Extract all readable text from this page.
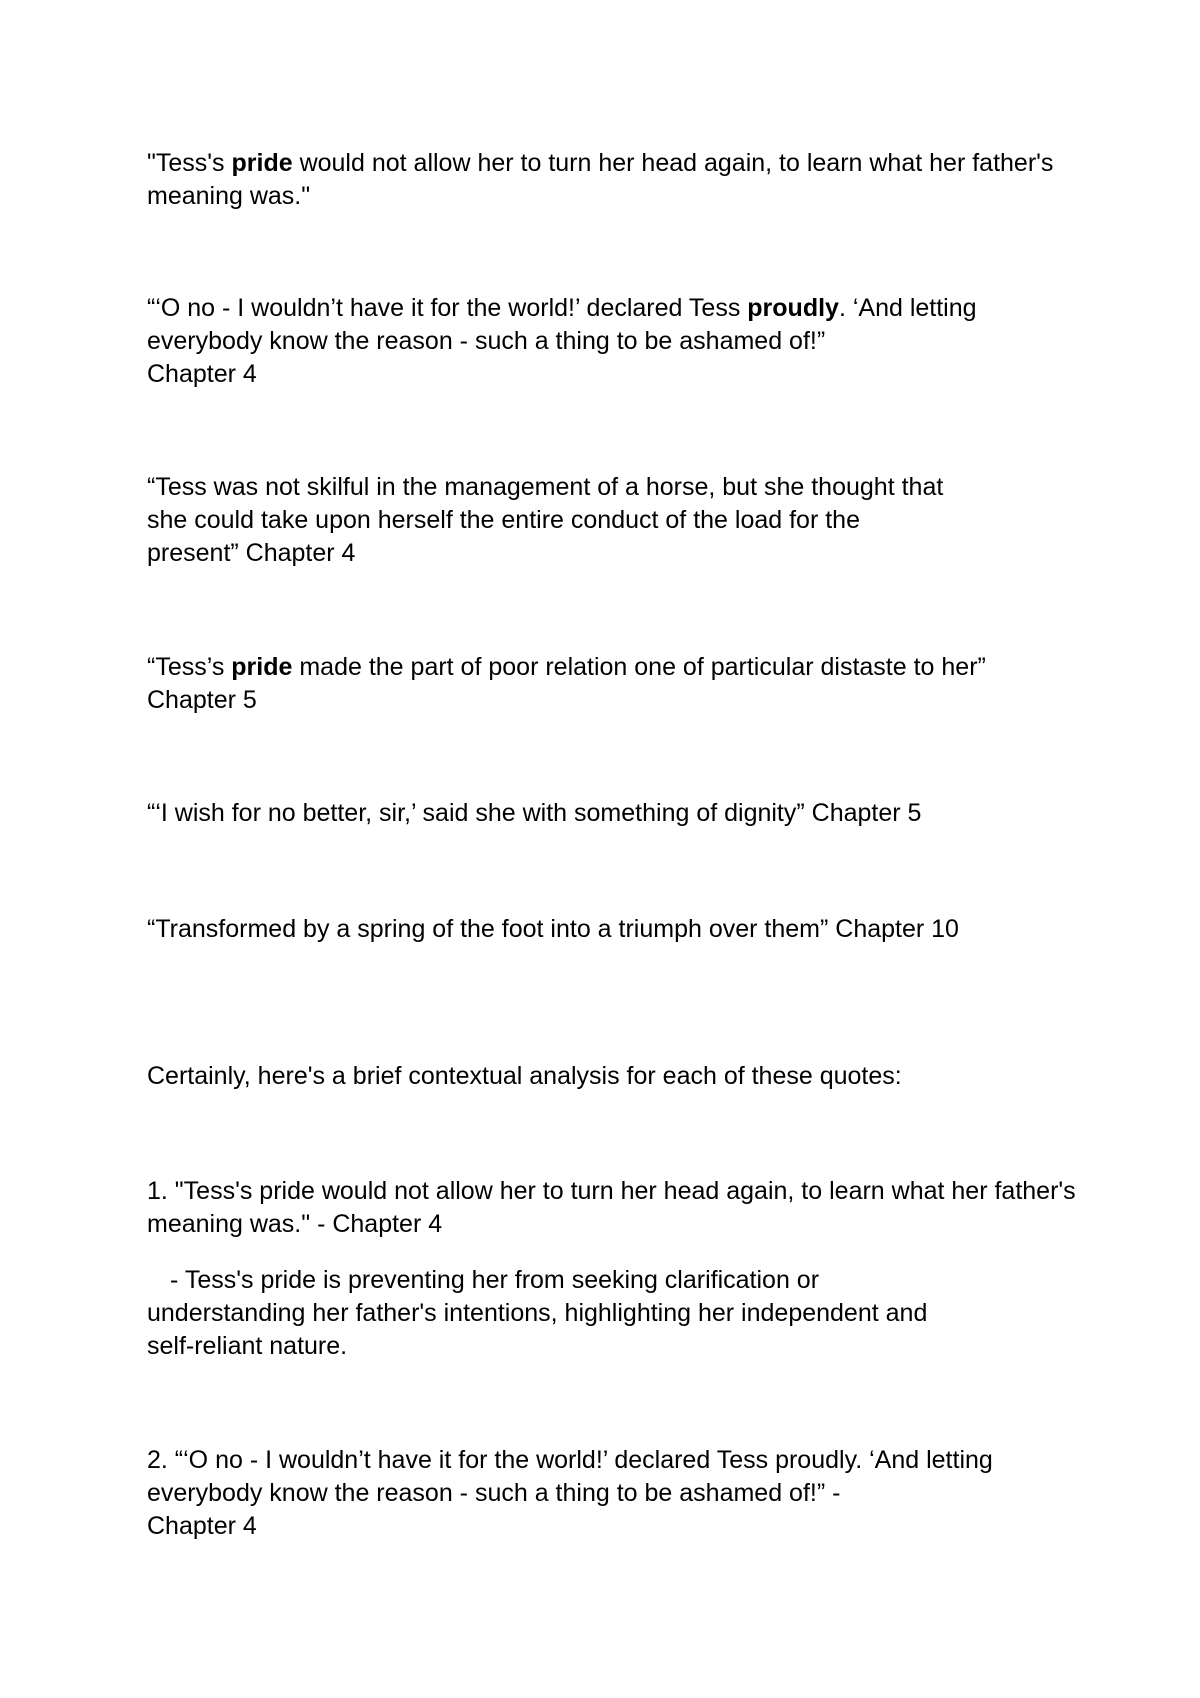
"Tess's pride would not allow her to turn her head again, to learn what her father's meaning was."

“‘O no - I wouldn’t have it for the world!’ declared Tess proudly. ‘And letting everybody know the reason - such a thing to be ashamed of!”
Chapter 4

“Tess was not skilful in the management of a horse, but she thought that
she could take upon herself the entire conduct of the load for the
present” Chapter 4

“Tess’s pride made the part of poor relation one of particular distaste to her” Chapter 5

“‘I wish for no better, sir,’ said she with something of dignity” Chapter 5

“Transformed by a spring of the foot into a triumph over them” Chapter 10

Certainly, here's a brief contextual analysis for each of these quotes:

1. "Tess's pride would not allow her to turn her head again, to learn what her father's meaning was." - Chapter 4

- Tess's pride is preventing her from seeking clarification or
understanding her father's intentions, highlighting her independent and
self-reliant nature.

2. “‘O no - I wouldn’t have it for the world!’ declared Tess proudly. ‘And letting everybody know the reason - such a thing to be ashamed of!” -
Chapter 4
